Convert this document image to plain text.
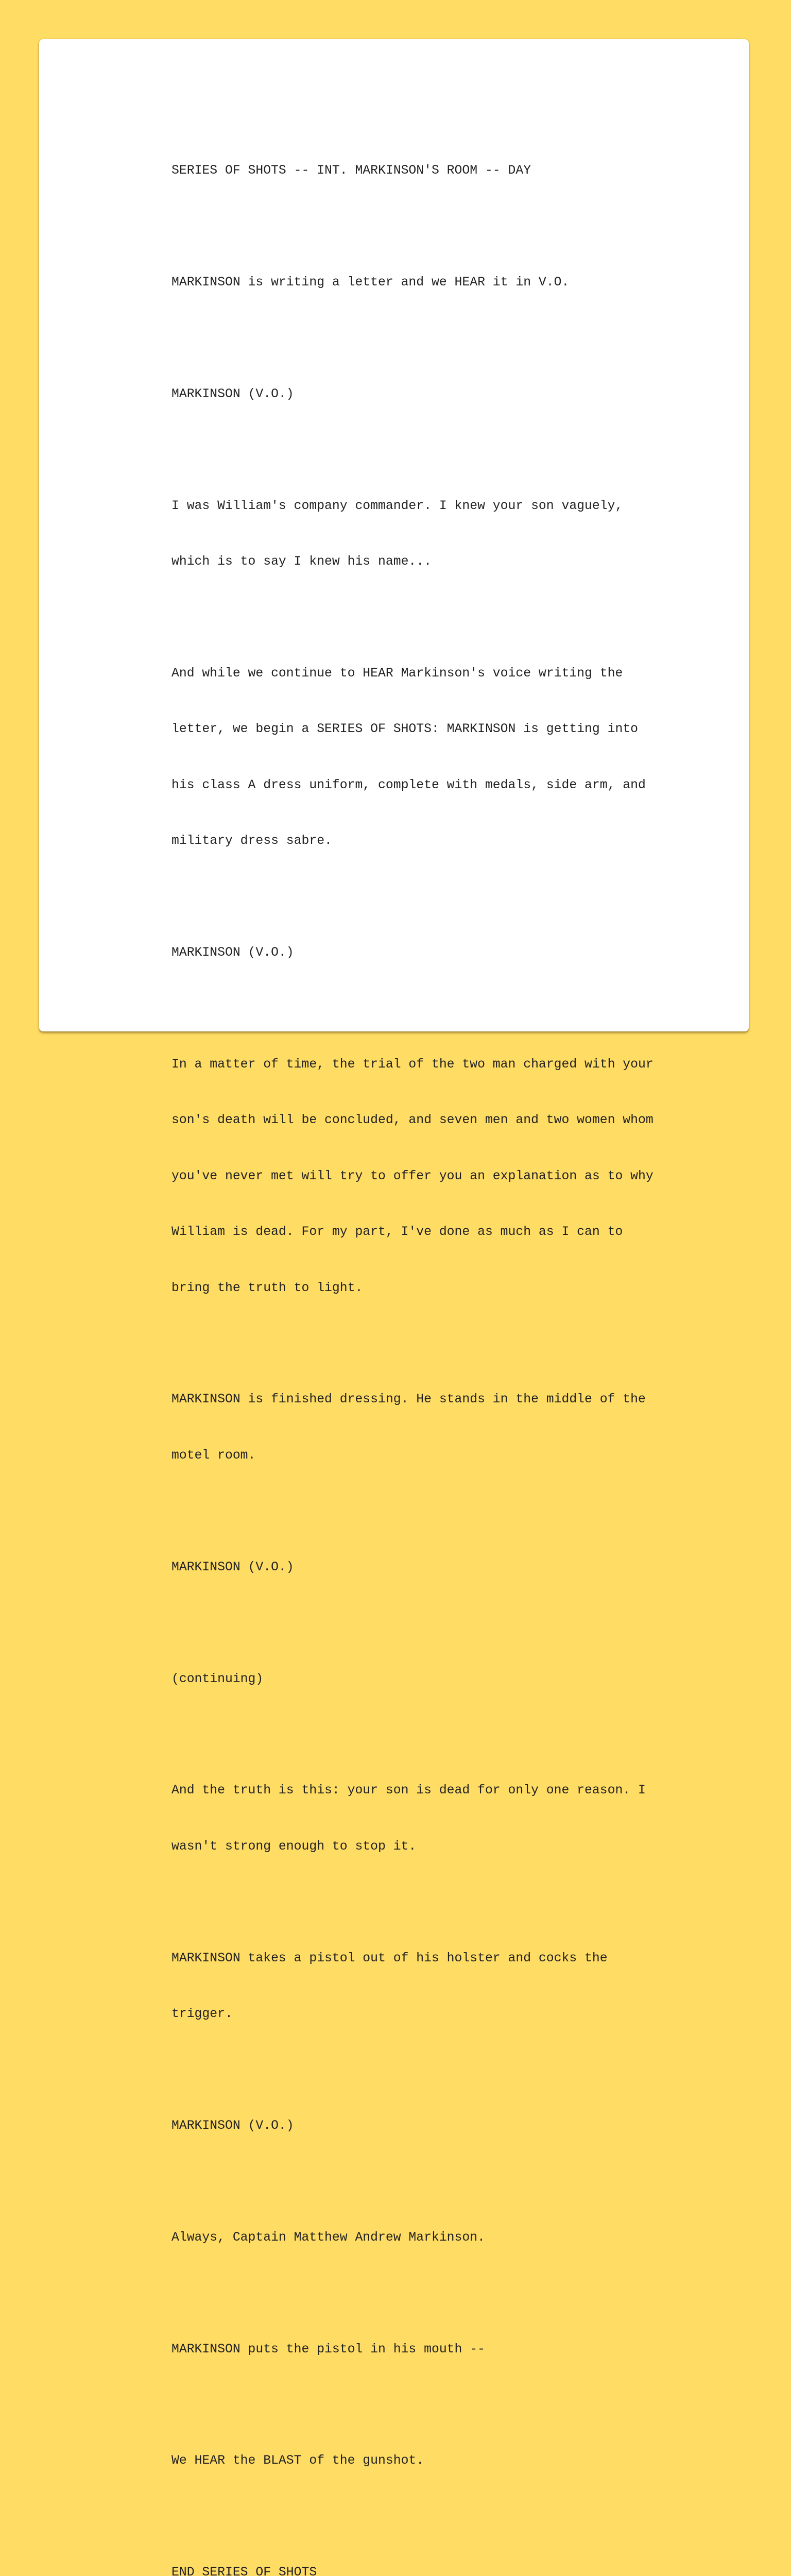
SERIES OF SHOTS -- INT. MARKINSON'S ROOM -- DAY

MARKINSON is writing a letter and we HEAR it in V.O.

MARKINSON (V.O.)

I was William's company commander. I knew your son vaguely,

which is to say I knew his name...

And while we continue to HEAR Markinson's voice writing the

letter, we begin a SERIES OF SHOTS: MARKINSON is getting into

his class A dress uniform, complete with medals, side arm, and

military dress sabre.

MARKINSON (V.O.)

In a matter of time, the trial of the two man charged with your

son's death will be concluded, and seven men and two women whom

you've never met will try to offer you an explanation as to why

William is dead. For my part, I've done as much as I can to

bring the truth to light.

MARKINSON is finished dressing. He stands in the middle of the

motel room.

MARKINSON (V.O.)

(continuing)

And the truth is this: your son is dead for only one reason. I

wasn't strong enough to stop it.

MARKINSON takes a pistol out of his holster and cocks the

trigger.

MARKINSON (V.O.)

Always, Captain Matthew Andrew Markinson.

MARKINSON puts the pistol in his mouth --

We HEAR the BLAST of the gunshot.

END SERIES OF SHOTS
